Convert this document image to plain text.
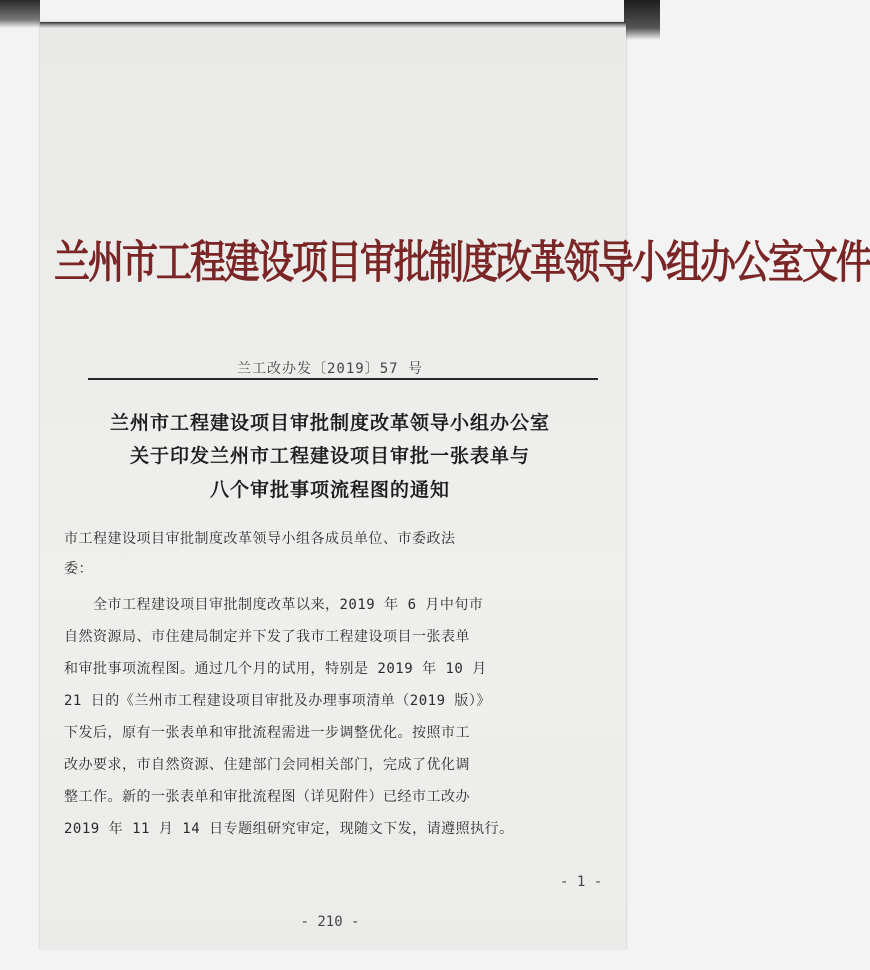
兰州市工程建设项目审批制度改革领导小组办公室文件
兰工改办发〔2019〕57 号
兰州市工程建设项目审批制度改革领导小组办公室
关于印发兰州市工程建设项目审批一张表单与
八个审批事项流程图的通知
市工程建设项目审批制度改革领导小组各成员单位、市委政法
委：
　　全市工程建设项目审批制度改革以来，2019 年 6 月中旬市
自然资源局、市住建局制定并下发了我市工程建设项目一张表单
和审批事项流程图。通过几个月的试用，特别是 2019 年 10 月
21 日的《兰州市工程建设项目审批及办理事项清单（2019 版）》
下发后，原有一张表单和审批流程需进一步调整优化。按照市工
改办要求，市自然资源、住建部门会同相关部门，完成了优化调
整工作。新的一张表单和审批流程图（详见附件）已经市工改办
2019 年 11 月 14 日专题组研究审定，现随文下发，请遵照执行。
- 1 -
- 210 -
